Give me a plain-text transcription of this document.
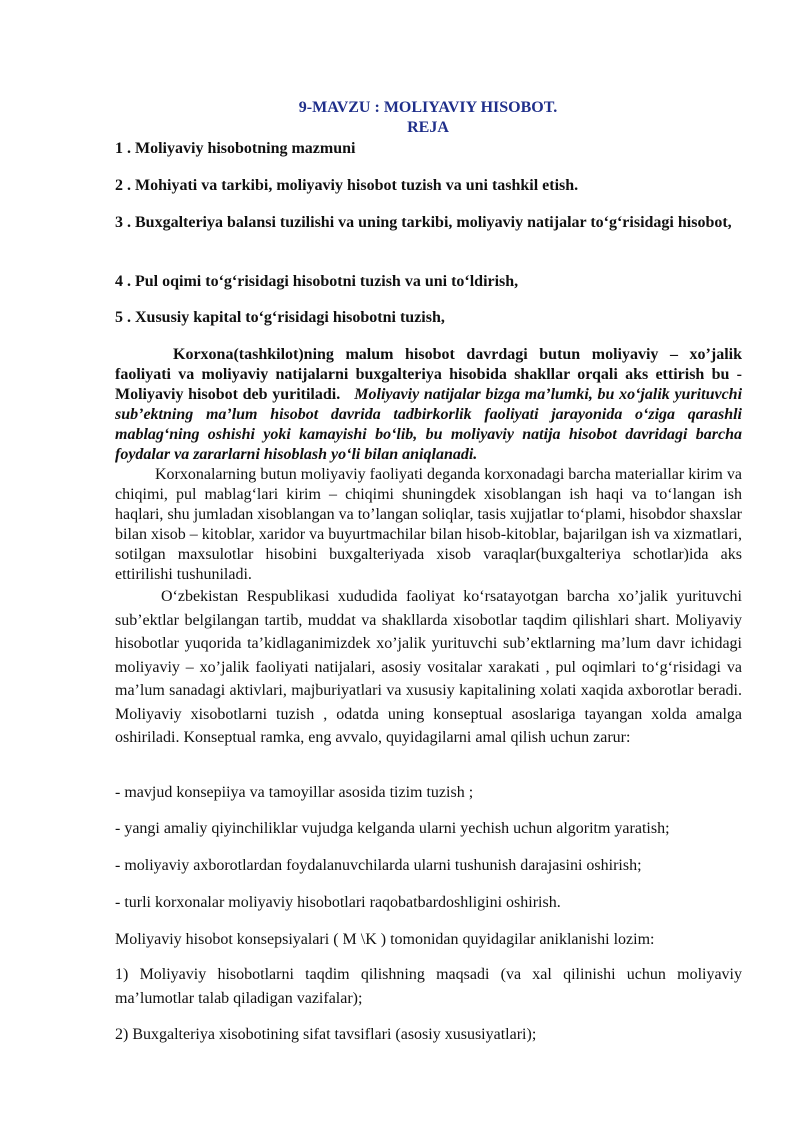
9-MAVZU : MOLIYAVIY HISOBOT.
REJA
1 . Moliyaviy hisobotning mazmuni
2 . Mohiyati va tarkibi, moliyaviy hisobot tuzish va uni tashkil etish.
3 . Buxgalteriya balansi tuzilishi va uning tarkibi, moliyaviy natijalar to‘g‘risidagi hisobot,
4 . Pul oqimi to‘g‘risidagi hisobotni tuzish va uni to‘ldirish,
5 . Xususiy kapital to‘g‘risidagi hisobotni tuzish,
Korxona(tashkilot)ning malum hisobot davrdagi butun moliyaviy – xo’jalik faoliyati va moliyaviy natijalarni buxgalteriya hisobida shakllar orqali aks ettirish bu - Moliyaviy hisobot deb yuritiladi. Moliyaviy natijalar bizga ma’lumki, bu xo‘jalik yurituvchi sub’ektning ma’lum hisobot davrida tadbirkorlik faoliyati jarayonida o‘ziga qarashli mablag‘ning oshishi yoki kamayishi bo‘lib, bu moliyaviy natija hisobot davridagi barcha foydalar va zararlarni hisoblash yo‘li bilan aniqlanadi.
Korxonalarning butun moliyaviy faoliyati deganda korxonadagi barcha materiallar kirim va chiqimi, pul mablag‘lari kirim – chiqimi shuningdek xisoblangan ish haqi va to‘langan ish haqlari, shu jumladan xisoblangan va to’langan soliqlar, tasis xujjatlar to‘plami, hisobdor shaxslar bilan xisob – kitoblar, xaridor va buyurtmachilar bilan hisob-kitoblar, bajarilgan ish va xizmatlari, sotilgan maxsulotlar hisobini buxgalteriyada xisob varaqlar(buxgalteriya schotlar)ida aks ettirilishi tushuniladi.
O‘zbekistan Respublikasi xududida faoliyat ko‘rsatayotgan barcha xo’jalik yurituvchi sub’ektlar belgilangan tartib, muddat va shakllarda xisobotlar taqdim qilishlari shart. Moliyaviy hisobotlar yuqorida ta’kidlaganimizdek xo’jalik yurituvchi sub’ektlarning ma’lum davr ichidagi moliyaviy – xo’jalik faoliyati natijalari, asosiy vositalar xarakati , pul oqimlari to‘g‘risidagi va ma’lum sanadagi aktivlari, majburiyatlari va xususiy kapitalining xolati xaqida axborotlar beradi. Moliyaviy xisobotlarni tuzish , odatda uning konseptual asoslariga tayangan xolda amalga oshiriladi. Konseptual ramka, eng avvalo, quyidagilarni amal qilish uchun zarur:
- mavjud konsepiiya va tamoyillar asosida tizim tuzish ;
- yangi amaliy qiyinchiliklar vujudga kelganda ularni yechish uchun algoritm yaratish;
- moliyaviy axborotlardan foydalanuvchilarda ularni tushunish darajasini oshirish;
- turli korxonalar moliyaviy hisobotlari raqobatbardoshligini oshirish.
Moliyaviy hisobot konsepsiyalari ( M \K ) tomonidan quyidagilar aniklanishi lozim:
1) Moliyaviy hisobotlarni taqdim qilishning maqsadi (va xal qilinishi uchun moliyaviy ma’lumotlar talab qiladigan vazifalar);
2) Buxgalteriya xisobotining sifat tavsiflari (asosiy xususiyatlari);
